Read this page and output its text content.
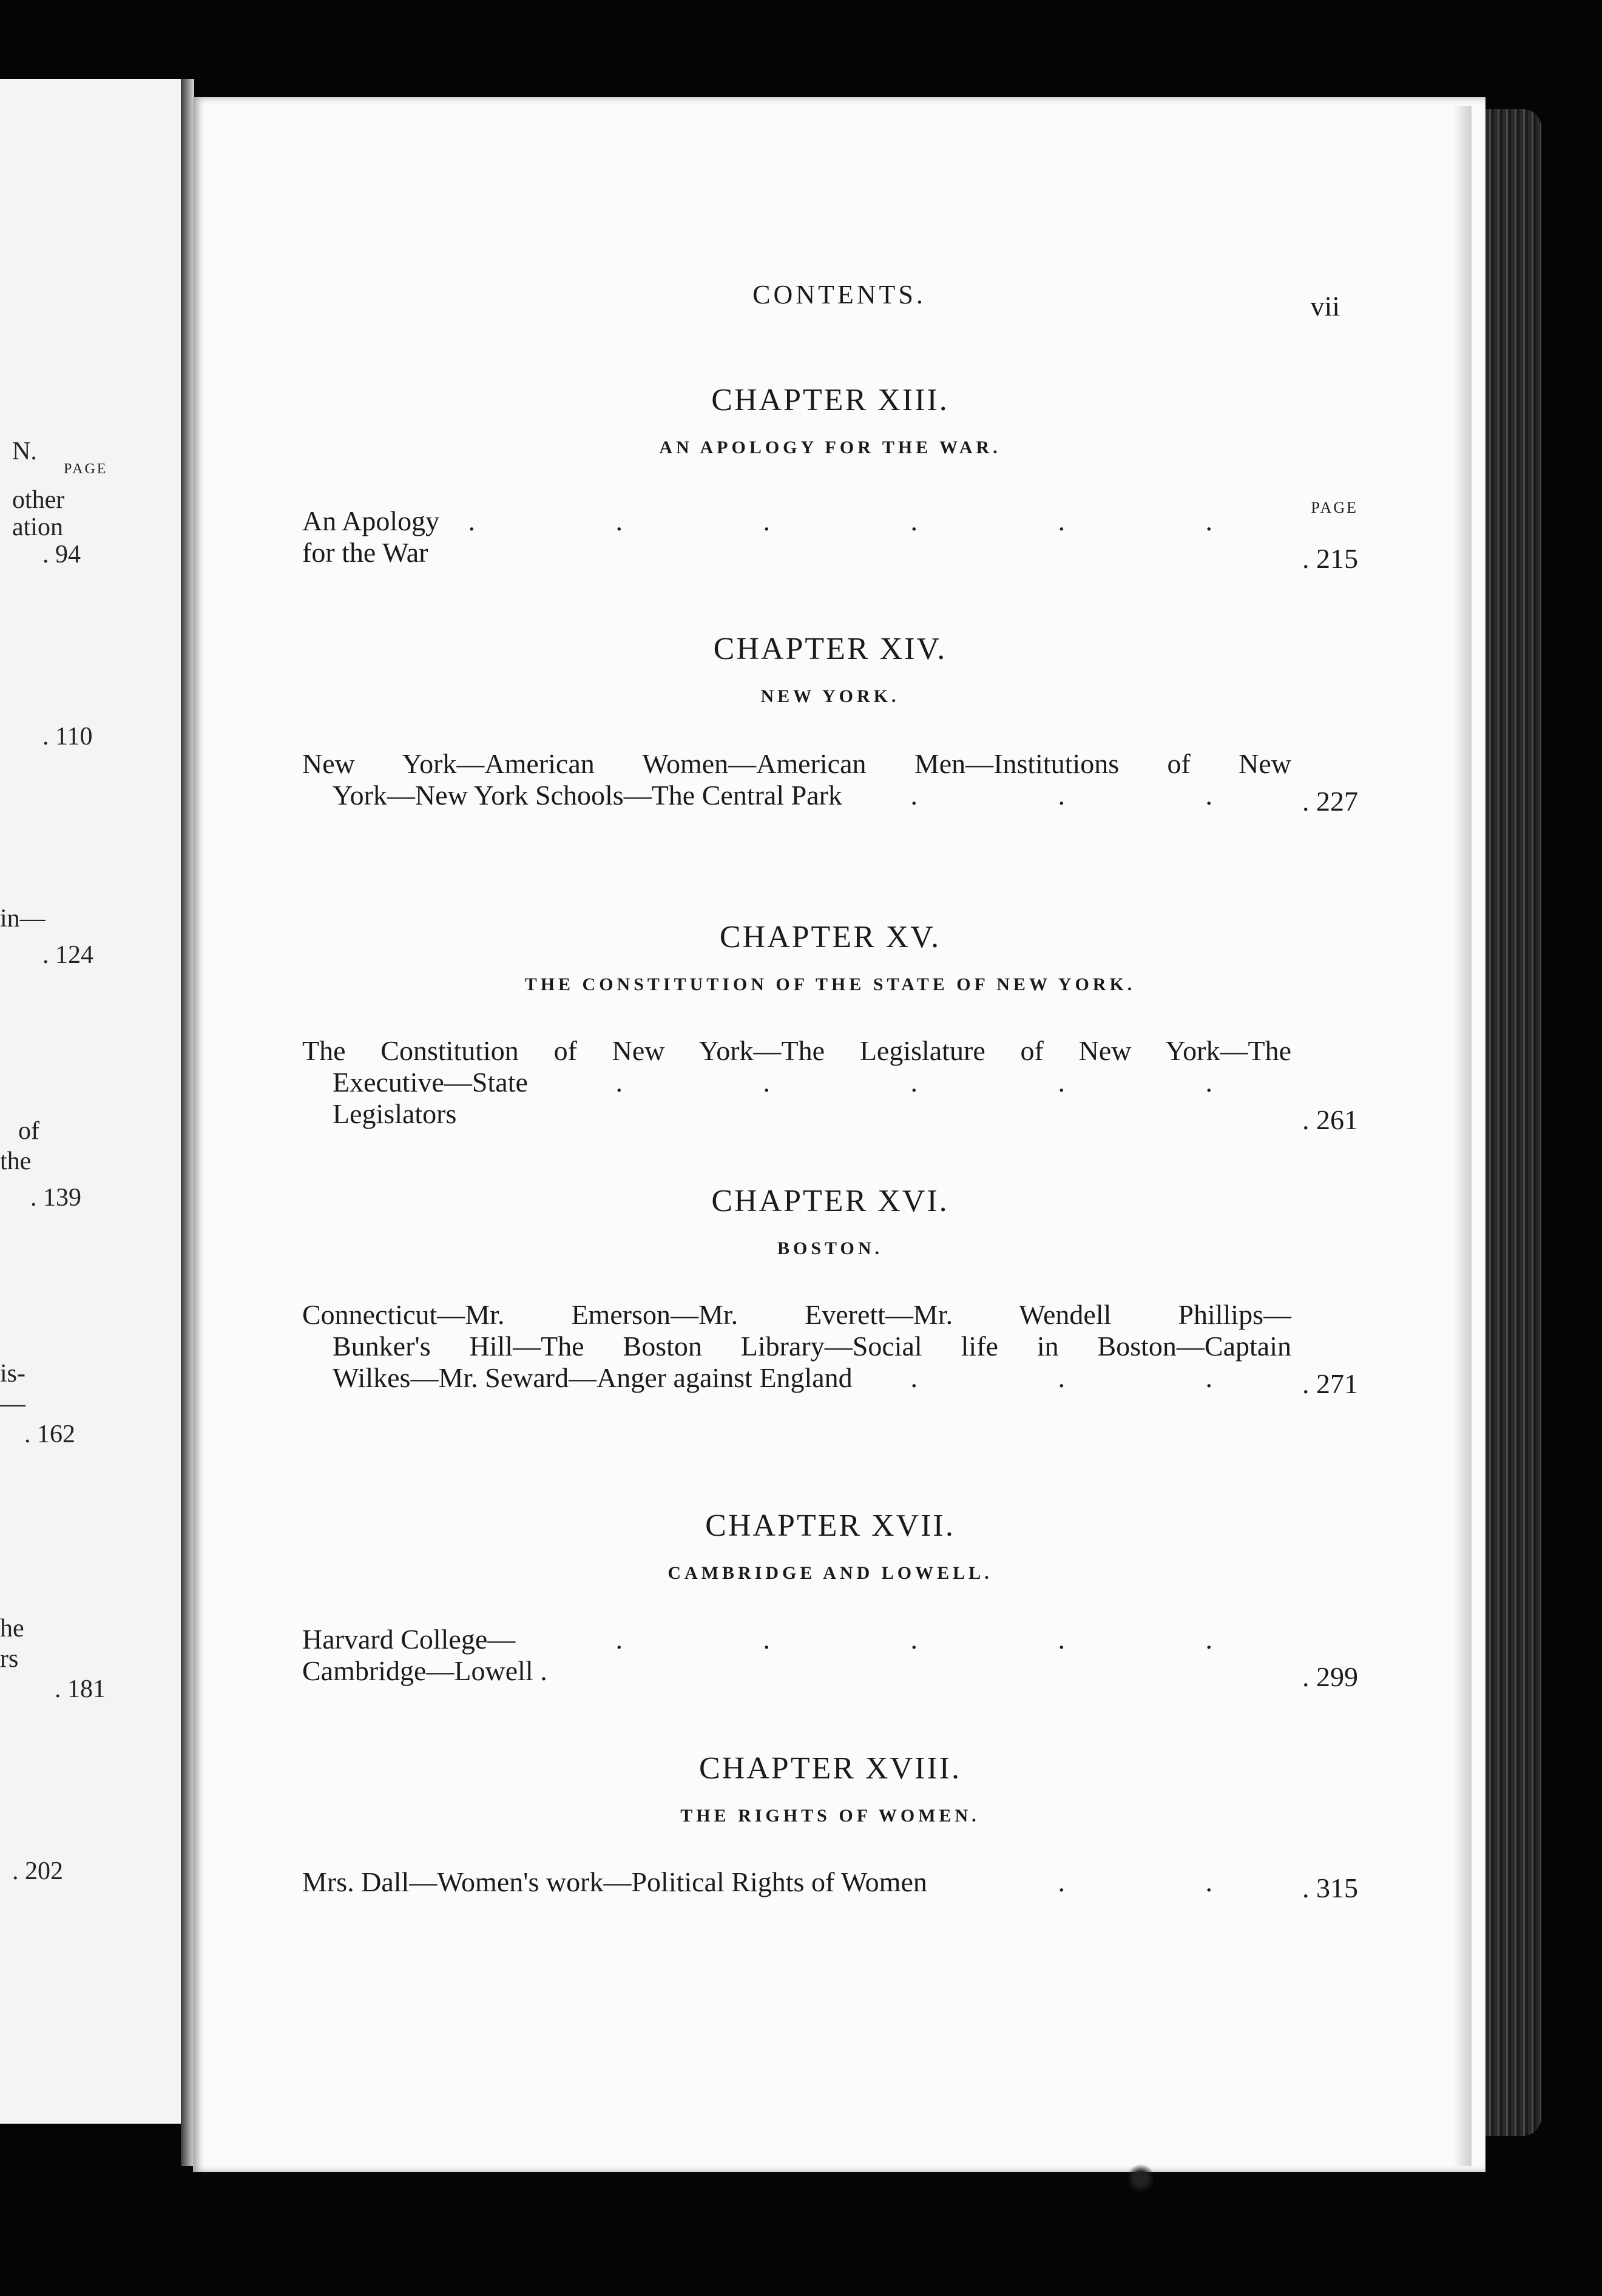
N.
PAGE
other
ation
. 94
. 110
in—
. 124
of
the
. 139
is-
—
. 162
he
rs
. 181
. 202
CONTENTS.	vii
CHAPTER XIII.
AN APOLOGY FOR THE WAR.
PAGE
An Apology for the War
. . . . . .
. 215
CHAPTER XIV.
NEW YORK.
New York—American Women—American Men—Institutions of New
York—New York Schools—The Central Park	. . . . 227
CHAPTER XV.
THE CONSTITUTION OF THE STATE OF NEW YORK.
The Constitution of New York—The Legislature of New York—The
Executive—State Legislators
. . . . .
. 261
CHAPTER XVI.
BOSTON.
Connecticut—Mr. Emerson—Mr. Everett—Mr. Wendell Phillips—
Bunker's Hill—The Boston Library—Social life in Boston—Captain
Wilkes—Mr. Seward—Anger against England	. . . . 271
CHAPTER XVII.
CAMBRIDGE AND LOWELL.
Harvard College—Cambridge—Lowell .
. . . . .
. 299
CHAPTER XVIII.
THE RIGHTS OF WOMEN.
Mrs. Dall—Women's work—Political Rights of Women	. . . 315
